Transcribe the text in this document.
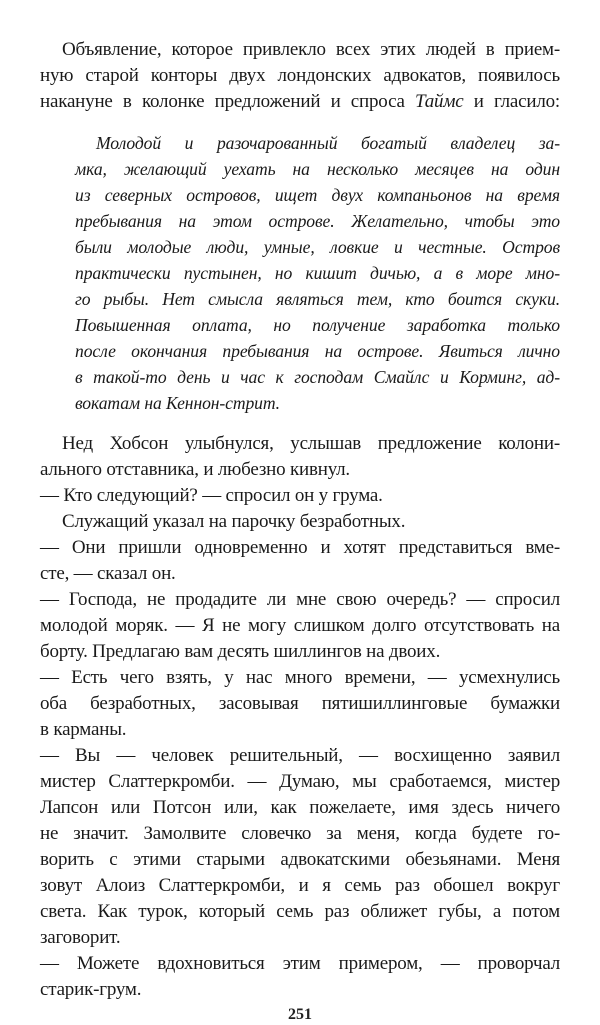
Объявление, которое привлекло всех этих людей в прием-
ную старой конторы двух лондонских адвокатов, появилось
накануне в колонке предложений и спроса Таймс и гласило:
Молодой и разочарованный богатый владелец за-
мка, желающий уехать на несколько месяцев на один
из северных островов, ищет двух компаньонов на время
пребывания на этом острове. Желательно, чтобы это
были молодые люди, умные, ловкие и честные. Остров
практически пустынен, но кишит дичью, а в море мно-
го рыбы. Нет смысла являться тем, кто боится скуки.
Повышенная оплата, но получение заработка только
после окончания пребывания на острове. Явиться лично
в такой-то день и час к господам Смайлс и Корминг, ад-
вокатам на Кеннон-стрит.
Нед Хобсон улыбнулся, услышав предложение колони-
ального отставника, и любезно кивнул.
— Кто следующий? — спросил он у грума.
Служащий указал на парочку безработных.
— Они пришли одновременно и хотят представиться вме-
сте, — сказал он.
— Господа, не продадите ли мне свою очередь? — спросил
молодой моряк. — Я не могу слишком долго отсутствовать на
борту. Предлагаю вам десять шиллингов на двоих.
— Есть чего взять, у нас много времени, — усмехнулись
оба безработных, засовывая пятишиллинговые бумажки
в карманы.
— Вы — человек решительный, — восхищенно заявил
мистер Слаттеркромби. — Думаю, мы сработаемся, мистер
Лапсон или Потсон или, как пожелаете, имя здесь ничего
не значит. Замолвите словечко за меня, когда будете го-
ворить с этими старыми адвокатскими обезьянами. Меня
зовут Алоиз Слаттеркромби, и я семь раз обошел вокруг
света. Как турок, который семь раз оближет губы, а потом
заговорит.
— Можете вдохновиться этим примером, — проворчал
старик-грум.
251
